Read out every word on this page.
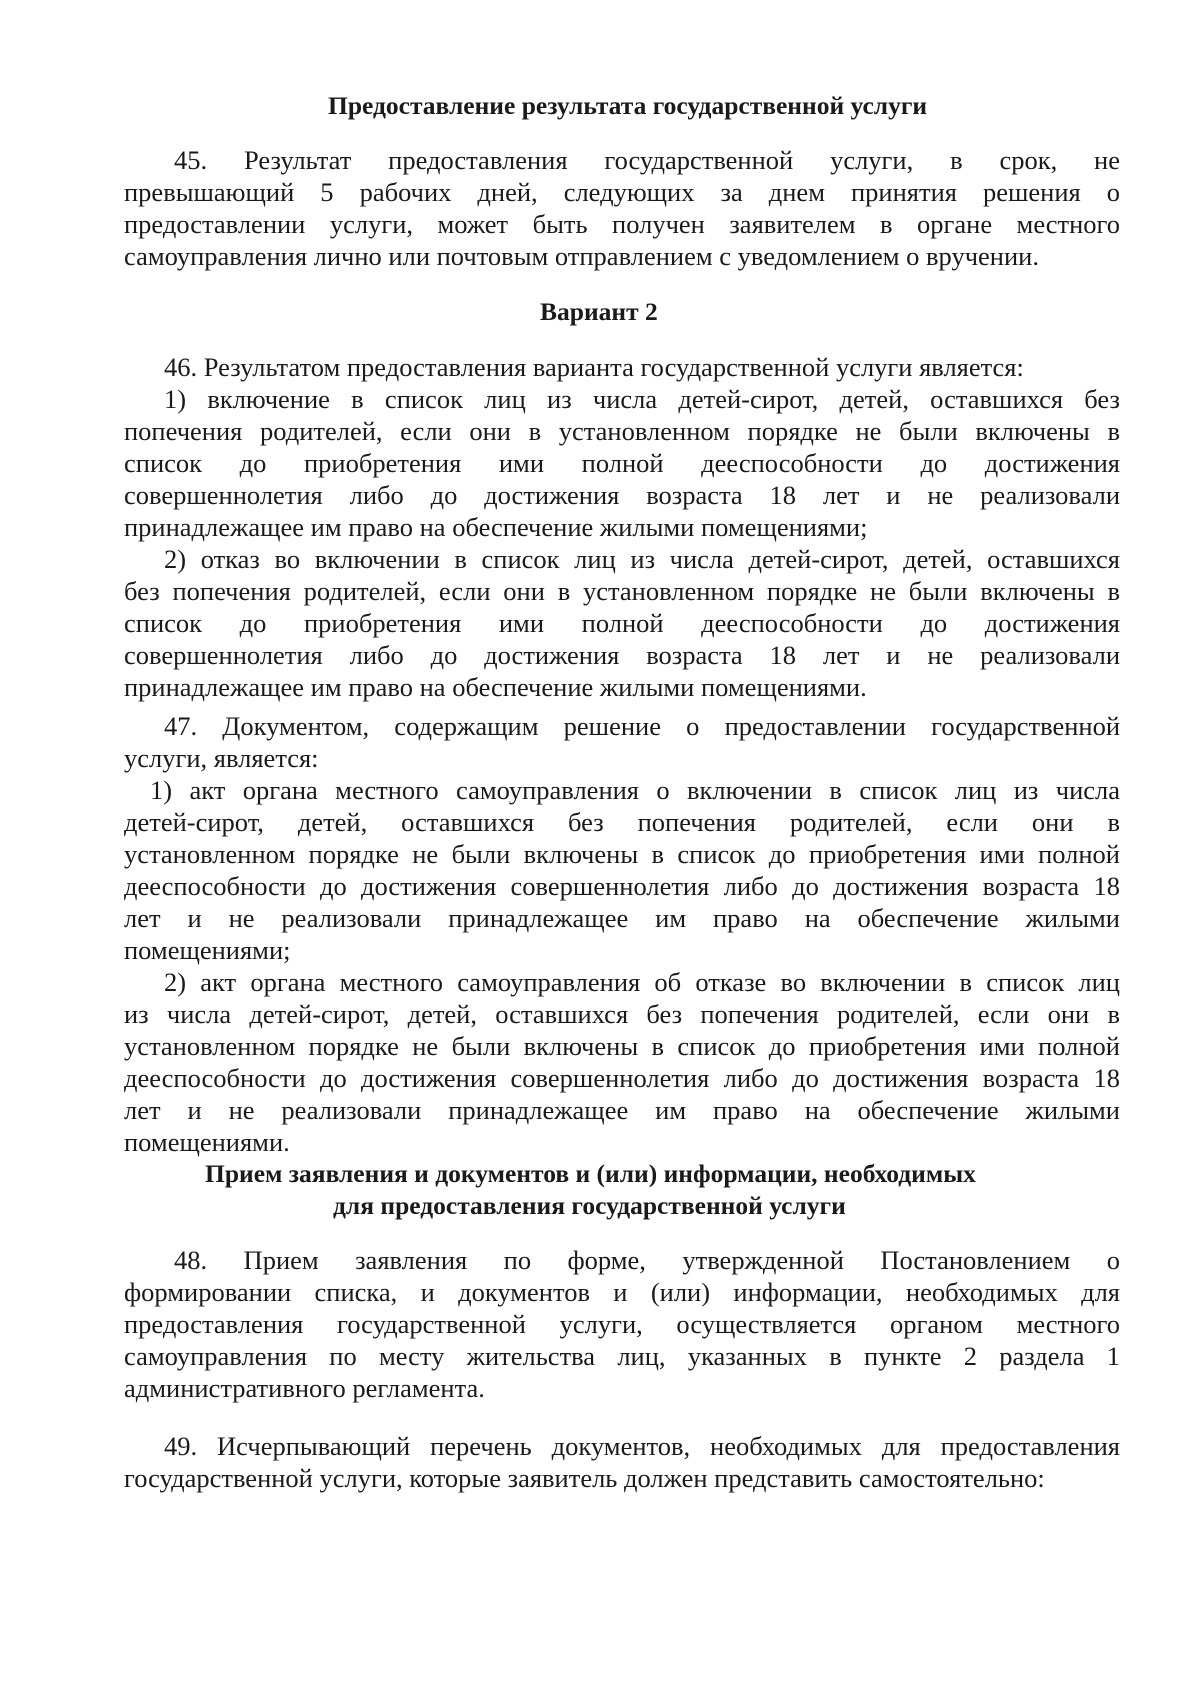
Предоставление результата государственной услуги
45. Результат предоставления государственной услуги, в срок, не
превышающий 5 рабочих дней, следующих за днем принятия решения о
предоставлении услуги, может быть получен заявителем в органе местного
самоуправления лично или почтовым отправлением с уведомлением о вручении.
Вариант 2
46. Результатом предоставления варианта государственной услуги является:
1) включение в список лиц из числа детей-сирот, детей, оставшихся без
попечения родителей, если они в установленном порядке не были включены в
список до приобретения ими полной дееспособности до достижения
совершеннолетия либо до достижения возраста 18 лет и не реализовали
принадлежащее им право на обеспечение жилыми помещениями;
2) отказ во включении в список лиц из числа детей-сирот, детей, оставшихся
без попечения родителей, если они в установленном порядке не были включены в
список до приобретения ими полной дееспособности до достижения
совершеннолетия либо до достижения возраста 18 лет и не реализовали
принадлежащее им право на обеспечение жилыми помещениями.
47. Документом, содержащим решение о предоставлении государственной
услуги, является:
1) акт органа местного самоуправления о включении в список лиц из числа
детей-сирот, детей, оставшихся без попечения родителей, если они в
установленном порядке не были включены в список до приобретения ими полной
дееспособности до достижения совершеннолетия либо до достижения возраста 18
лет и не реализовали принадлежащее им право на обеспечение жилыми
помещениями;
2) акт органа местного самоуправления об отказе во включении в список лиц
из числа детей-сирот, детей, оставшихся без попечения родителей, если они в
установленном порядке не были включены в список до приобретения ими полной
дееспособности до достижения совершеннолетия либо до достижения возраста 18
лет и не реализовали принадлежащее им право на обеспечение жилыми
помещениями.
Прием заявления и документов и (или) информации, необходимых
для предоставления государственной услуги
48. Прием заявления по форме, утвержденной Постановлением о
формировании списка, и документов и (или) информации, необходимых для
предоставления государственной услуги, осуществляется органом местного
самоуправления по месту жительства лиц, указанных в пункте 2 раздела 1
административного регламента.
49. Исчерпывающий перечень документов, необходимых для предоставления
государственной услуги, которые заявитель должен представить самостоятельно:
